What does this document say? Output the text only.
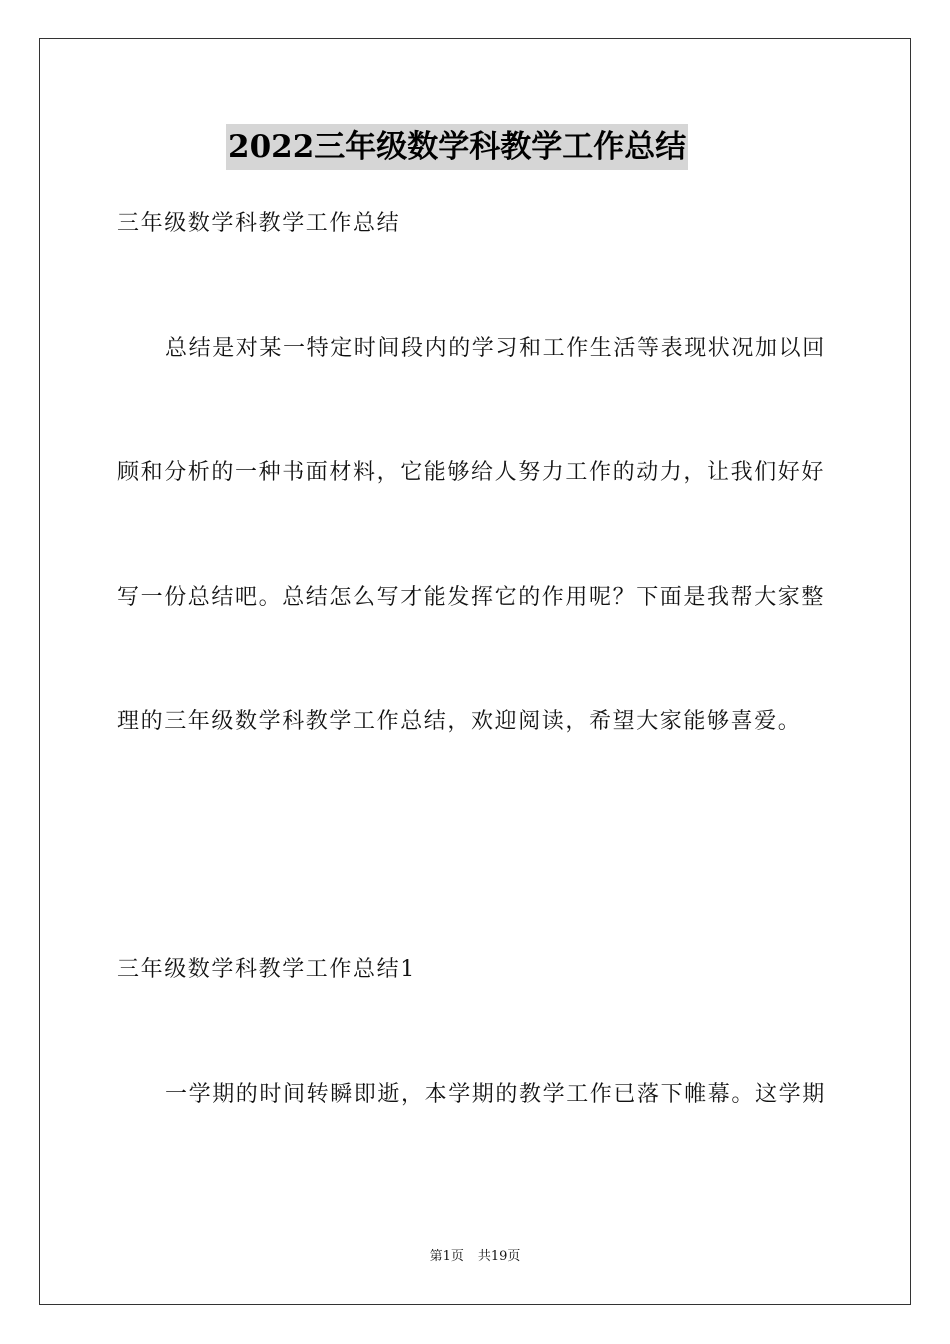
2022三年级数学科教学工作总结
三年级数学科教学工作总结
总结是对某一特定时间段内的学习和工作生活等表现状况加以回
顾和分析的一种书面材料，它能够给人努力工作的动力，让我们好好
写一份总结吧。总结怎么写才能发挥它的作用呢？下面是我帮大家整
理的三年级数学科教学工作总结，欢迎阅读，希望大家能够喜爱。
三年级数学科教学工作总结1
一学期的时间转瞬即逝，本学期的教学工作已落下帷幕。这学期
第1页 共19页
